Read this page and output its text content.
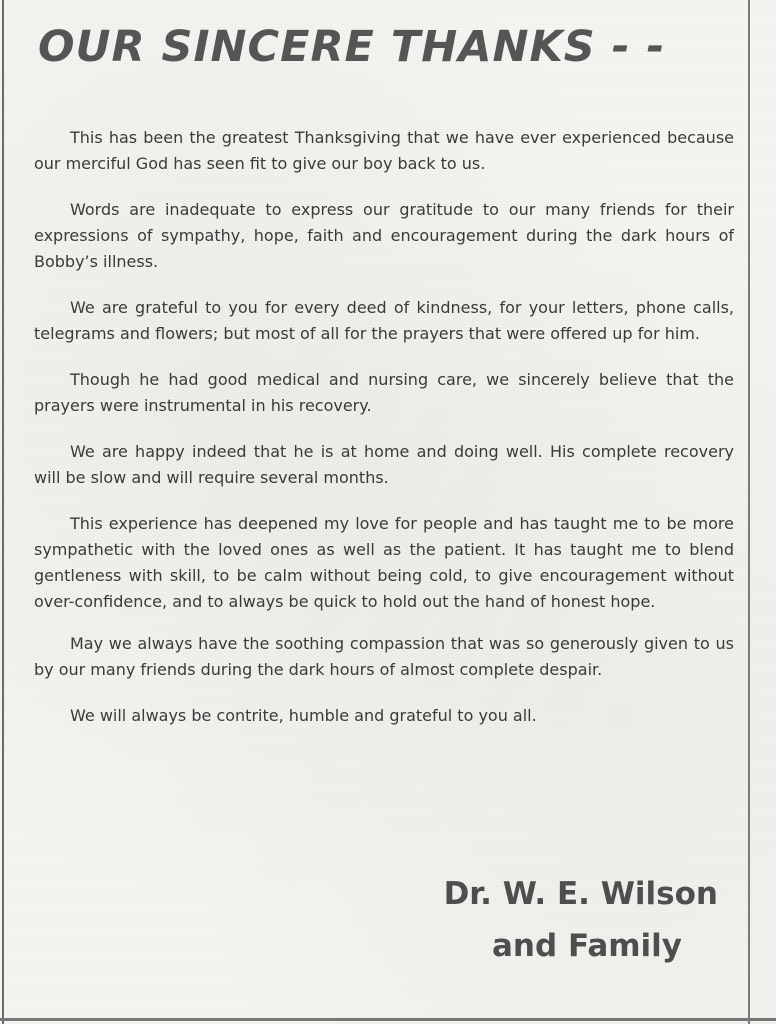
OUR SINCERE THANKS - -

This has been the greatest Thanksgiving that we have ever experienced because our merciful God has seen fit to give our boy back to us.

Words are inadequate to express our gratitude to our many friends for their expressions of sympathy, hope, faith and encouragement during the dark hours of Bobby’s illness.

We are grateful to you for every deed of kindness, for your letters, phone calls, telegrams and flowers; but most of all for the prayers that were offered up for him.

Though he had good medical and nursing care, we sincerely believe that the prayers were instrumental in his recovery.

We are happy indeed that he is at home and doing well. His complete recovery will be slow and will require several months.

This experience has deepened my love for people and has taught me to be more sympathetic with the loved ones as well as the patient. It has taught me to blend gentleness with skill, to be calm without being cold, to give encouragement without over-confidence, and to always be quick to hold out the hand of honest hope.

May we always have the soothing compassion that was so generously given to us by our many friends during the dark hours of almost complete despair.

We will always be contrite, humble and grateful to you all.

Dr. W. E. Wilson
and Family
